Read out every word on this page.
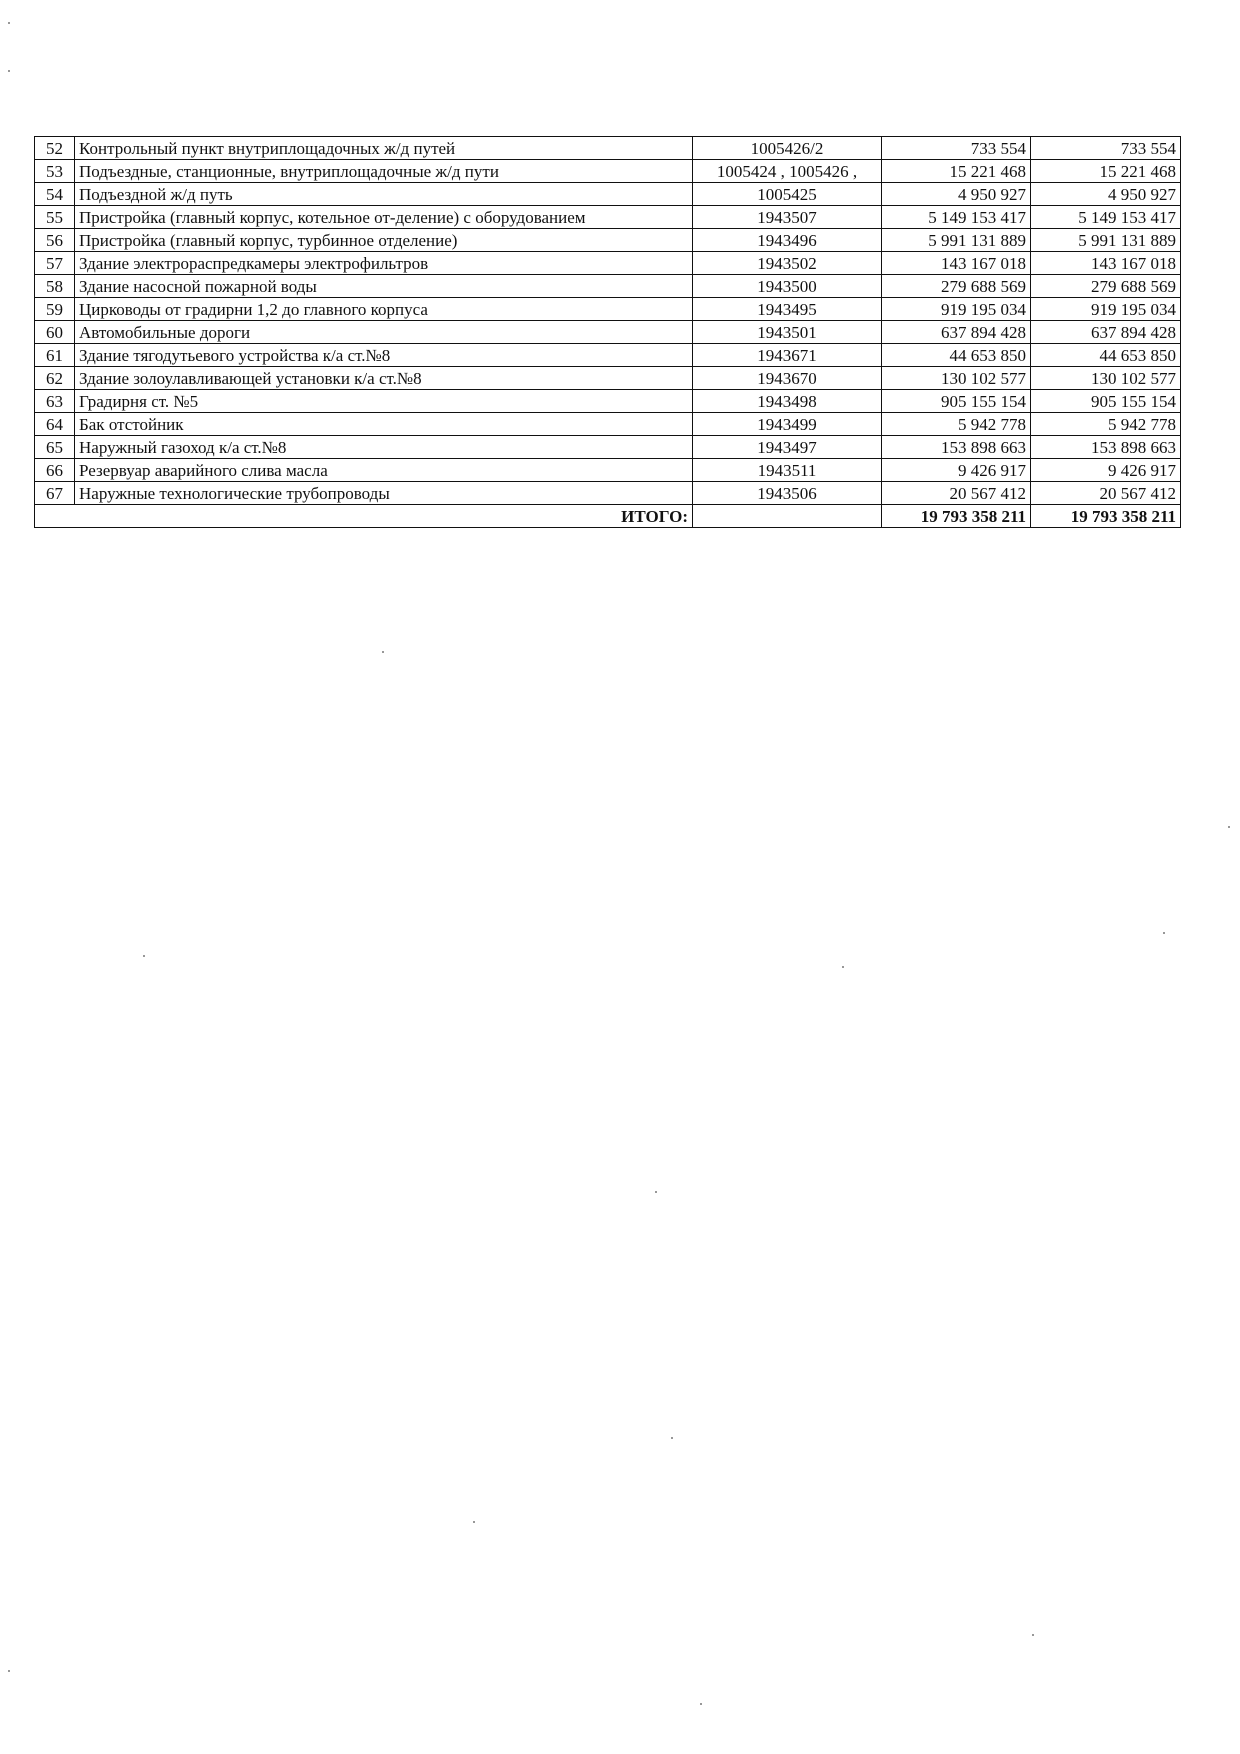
52	Контрольный пункт внутриплощадочных ж/д путей	1005426/2	733 554	733 554
53	Подъездные, станционные, внутриплощадочные ж/д пути	1005424 , 1005426 ,	15 221 468	15 221 468
54	Подъездной ж/д путь	1005425	4 950 927	4 950 927
55	Пристройка (главный корпус, котельное от-деление) с оборудованием	1943507	5 149 153 417	5 149 153 417
56	Пристройка (главный корпус, турбинное отделение)	1943496	5 991 131 889	5 991 131 889
57	Здание электрораспредкамеры электрофильтров	1943502	143 167 018	143 167 018
58	Здание насосной пожарной воды	1943500	279 688 569	279 688 569
59	Цирководы от градирни 1,2 до главного корпуса	1943495	919 195 034	919 195 034
60	Автомобильные дороги	1943501	637 894 428	637 894 428
61	Здание тягодутьевого устройства к/а ст.№8	1943671	44 653 850	44 653 850
62	Здание золоулавливающей установки к/а ст.№8	1943670	130 102 577	130 102 577
63	Градирня ст. №5	1943498	905 155 154	905 155 154
64	Бак отстойник	1943499	5 942 778	5 942 778
65	Наружный газоход к/а ст.№8	1943497	153 898 663	153 898 663
66	Резервуар аварийного слива масла	1943511	9 426 917	9 426 917
67	Наружные технологические трубопроводы	1943506	20 567 412	20 567 412
ИТОГО:			19 793 358 211	19 793 358 211
